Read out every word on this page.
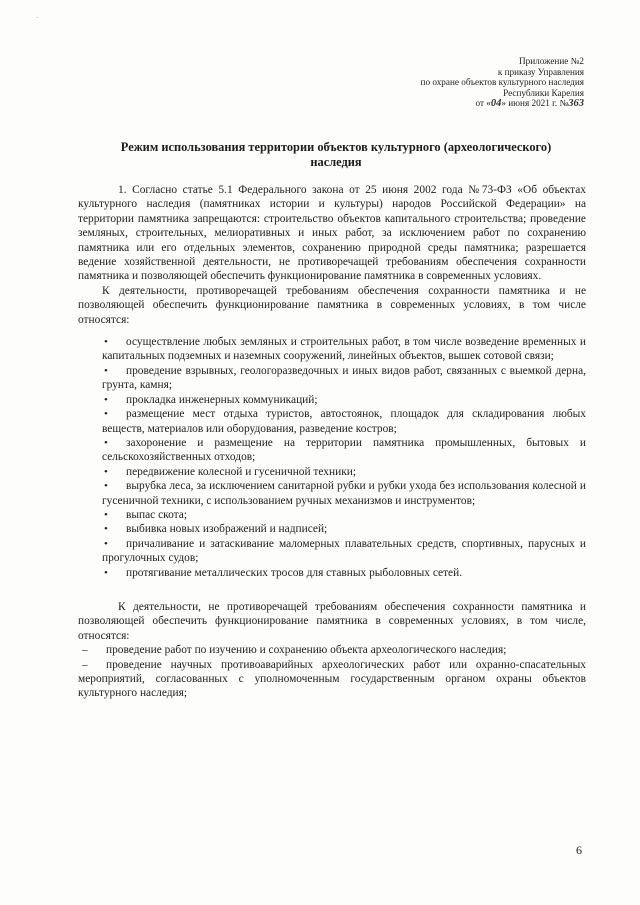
·
Приложение №2
к приказу Управления
по охране объектов культурного наследия
Республики Карелия
от «04» июня 2021 г. №363
Режим использования территории объектов культурного (археологического) наследия

1. Согласно статье 5.1 Федерального закона от 25 июня 2002 года №73-ФЗ «Об объектах культурного наследия (памятниках истории и культуры) народов Российской Федерации» на территории памятника запрещаются: строительство объектов капитального строительства; проведение земляных, строительных, мелиоративных и иных работ, за исключением работ по сохранению памятника или его отдельных элементов, сохранению природной среды памятника; разрешается ведение хозяйственной деятельности, не противоречащей требованиям обеспечения сохранности памятника и позволяющей обеспечить функционирование памятника в современных условиях.

К деятельности, противоречащей требованиям обеспечения сохранности памятника и не позволяющей обеспечить функционирование памятника в современных условиях, в том числе относятся:

• осуществление любых земляных и строительных работ, в том числе возведение временных и капитальных подземных и наземных сооружений, линейных объектов, вышек сотовой связи;
• проведение взрывных, геологоразведочных и иных видов работ, связанных с выемкой дерна, грунта, камня;
• прокладка инженерных коммуникаций;
• размещение мест отдыха туристов, автостоянок, площадок для складирования любых веществ, материалов или оборудования, разведение костров;
• захоронение и размещение на территории памятника промышленных, бытовых и сельскохозяйственных отходов;
• передвижение колесной и гусеничной техники;
• вырубка леса, за исключением санитарной рубки и рубки ухода без использования колесной и гусеничной техники, с использованием ручных механизмов и инструментов;
• выпас скота;
• выбивка новых изображений и надписей;
• причаливание и затаскивание маломерных плавательных средств, спортивных, парусных и прогулочных судов;
• протягивание металлических тросов для ставных рыболовных сетей.

К деятельности, не противоречащей требованиям обеспечения сохранности памятника и позволяющей обеспечить функционирование памятника в современных условиях, в том числе, относятся:

– проведение работ по изучению и сохранению объекта археологического наследия;
– проведение научных противоаварийных археологических работ или охранно-спасательных мероприятий, согласованных с уполномоченным государственным органом охраны объектов культурного наследия;
6
